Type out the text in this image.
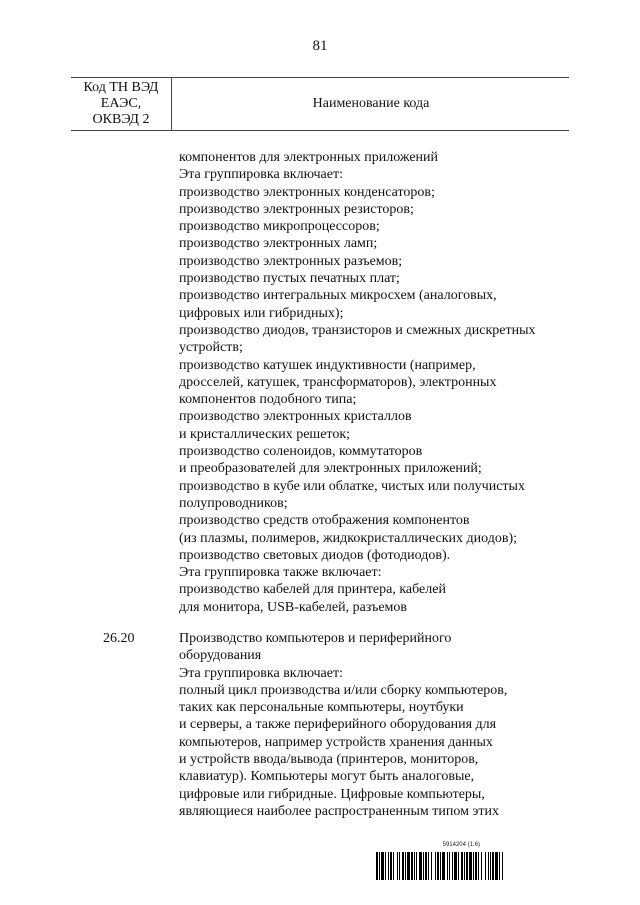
81
Код ТН ВЭД
ЕАЭС,
ОКВЭД 2
Наименование кода
компонентов для электронных приложений
Эта группировка включает:
производство электронных конденсаторов;
производство электронных резисторов;
производство микропроцессоров;
производство электронных ламп;
производство электронных разъемов;
производство пустых печатных плат;
производство интегральных микросхем (аналоговых,
цифровых или гибридных);
производство диодов, транзисторов и смежных дискретных
устройств;
производство катушек индуктивности (например,
дросселей, катушек, трансформаторов), электронных
компонентов подобного типа;
производство электронных кристаллов
и кристаллических решеток;
производство соленоидов, коммутаторов
и преобразователей для электронных приложений;
производство в кубе или облатке, чистых или получистых
полупроводников;
производство средств отображения компонентов
(из плазмы, полимеров, жидкокристаллических диодов);
производство световых диодов (фотодиодов).
Эта группировка также включает:
производство кабелей для принтера, кабелей
для монитора, USB-кабелей, разъемов
26.20	Производство компьютеров и периферийного
оборудования
Эта группировка включает:
полный цикл производства и/или сборку компьютеров,
таких как персональные компьютеры, ноутбуки
и серверы, а также периферийного оборудования для
компьютеров, например устройств хранения данных
и устройств ввода/вывода (принтеров, мониторов,
клавиатур). Компьютеры могут быть аналоговые,
цифровые или гибридные. Цифровые компьютеры,
являющиеся наиболее распространенным типом этих
5914204 (1.6)
